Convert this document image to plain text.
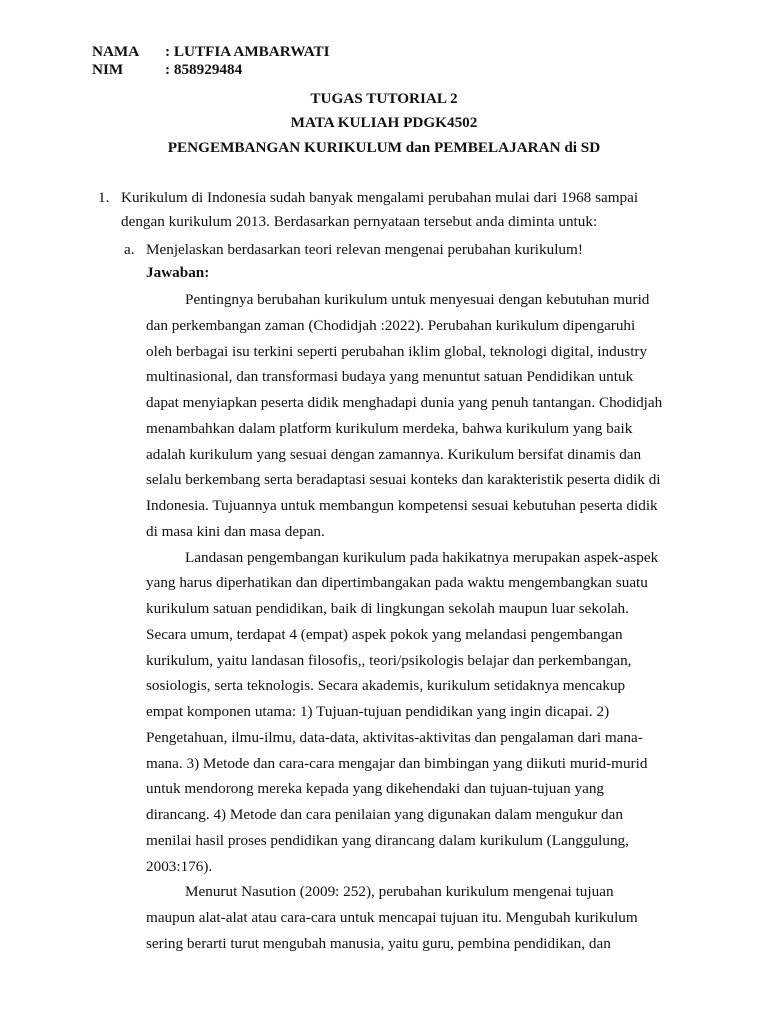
NAMA	: LUTFIA AMBARWATI
NIM	: 858929484
TUGAS TUTORIAL 2
MATA KULIAH PDGK4502
PENGEMBANGAN KURIKULUM dan PEMBELAJARAN di SD
1. Kurikulum di Indonesia sudah banyak mengalami perubahan mulai dari 1968 sampai
dengan kurikulum 2013. Berdasarkan pernyataan tersebut anda diminta untuk:
a. Menjelaskan berdasarkan teori relevan mengenai perubahan kurikulum!
Jawaban:
Pentingnya berubahan kurikulum untuk menyesuai dengan kebutuhan murid
dan perkembangan zaman (Chodidjah :2022). Perubahan kurikulum dipengaruhi
oleh berbagai isu terkini seperti perubahan iklim global, teknologi digital, industry
multinasional, dan transformasi budaya yang menuntut satuan Pendidikan untuk
dapat menyiapkan peserta didik menghadapi dunia yang penuh tantangan. Chodidjah
menambahkan dalam platform kurikulum merdeka, bahwa kurikulum yang baik
adalah kurikulum yang sesuai dengan zamannya. Kurikulum bersifat dinamis dan
selalu berkembang serta beradaptasi sesuai konteks dan karakteristik peserta didik di
Indonesia. Tujuannya untuk membangun kompetensi sesuai kebutuhan peserta didik
di masa kini dan masa depan.
Landasan pengembangan kurikulum pada hakikatnya merupakan aspek-aspek
yang harus diperhatikan dan dipertimbangakan pada waktu mengembangkan suatu
kurikulum satuan pendidikan, baik di lingkungan sekolah maupun luar sekolah.
Secara umum, terdapat 4 (empat) aspek pokok yang melandasi pengembangan
kurikulum, yaitu landasan filosofis,, teori/psikologis belajar dan perkembangan,
sosiologis, serta teknologis. Secara akademis, kurikulum setidaknya mencakup
empat komponen utama: 1) Tujuan-tujuan pendidikan yang ingin dicapai. 2)
Pengetahuan, ilmu-ilmu, data-data, aktivitas-aktivitas dan pengalaman dari mana-
mana. 3) Metode dan cara-cara mengajar dan bimbingan yang diikuti murid-murid
untuk mendorong mereka kepada yang dikehendaki dan tujuan-tujuan yang
dirancang. 4) Metode dan cara penilaian yang digunakan dalam mengukur dan
menilai hasil proses pendidikan yang dirancang dalam kurikulum (Langgulung,
2003:176).
Menurut Nasution (2009: 252), perubahan kurikulum mengenai tujuan
maupun alat-alat atau cara-cara untuk mencapai tujuan itu. Mengubah kurikulum
sering berarti turut mengubah manusia, yaitu guru, pembina pendidikan, dan
